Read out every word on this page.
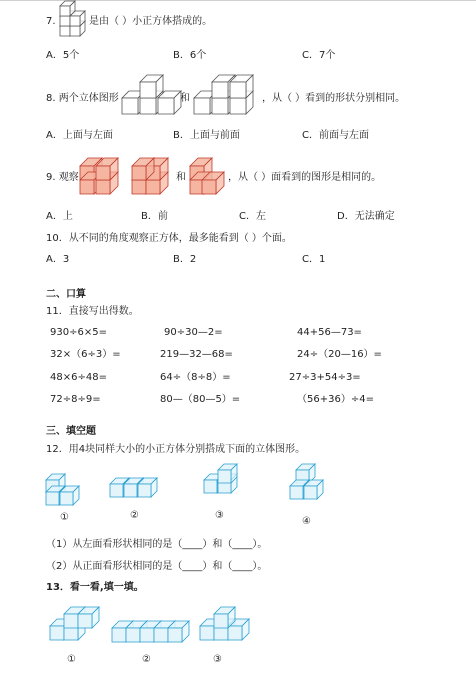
7.	是由（ ）小正方体搭成的。
A．5个	B．6个	C．7个
8. 两个立体图形	和	，从（ ）看到的形状分别相同。
A．上面与左面	B．上面与前面	C．前面与左面
9. 观察	和	，从（ ）面看到的图形是相同的。
A．上	B．前	C．左	D．无法确定
10．从不同的角度观察正方体，最多能看到（ ）个面。
A．3	B．2	C．1
二、口算
11．直接写出得数。
930÷6×5=	90÷30—2=	44+56—73=
32×（6÷3）=	219—32—68=	24÷（20—16）=
48×6÷48=	64÷（8÷8）=	27÷3+54÷3=
72÷8÷9=	80—（80—5）=	（56+36）÷4=
三、填空题
12．用4块同样大小的小正方体分别搭成下面的立体图形。
①	②	③
④
（1）从左面看形状相同的是（____）和（____）。
（2）从正面看形状相同的是（____）和（____）。
13．看一看,填一填。
①	②	③
